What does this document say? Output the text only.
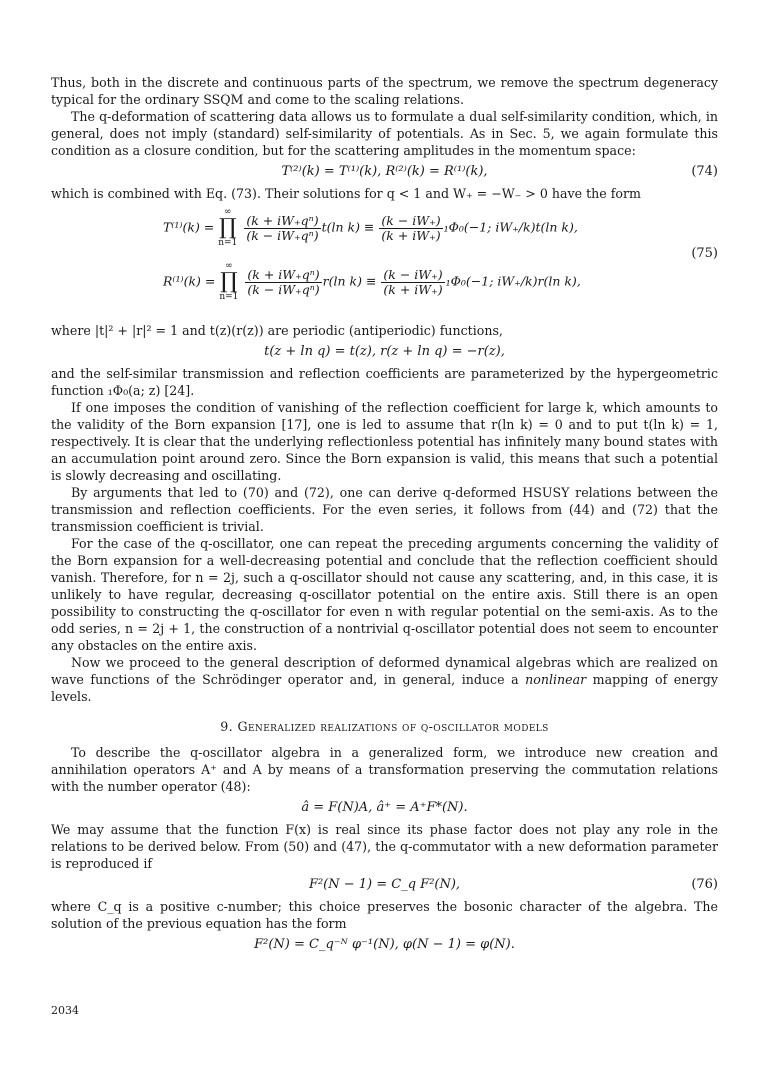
Thus, both in the discrete and continuous parts of the spectrum, we remove the spectrum degeneracy typical for the ordinary SSQM and come to the scaling relations.

The q-deformation of scattering data allows us to formulate a dual self-similarity condition, which, in general, does not imply (standard) self-similarity of potentials. As in Sec. 5, we again formulate this condition as a closure condition, but for the scattering amplitudes in the momentum space:

T⁽²⁾(k) = T⁽¹⁾(k), R⁽²⁾(k) = R⁽¹⁾(k),	(74)

which is combined with Eq. (73). Their solutions for q < 1 and W₊ = −W₋ > 0 have the form

T⁽¹⁾(k) = ∞
∏
n=1
$\frac{\text{(k + iW₊qⁿ)}}{\text{(k − iW₊qⁿ)}} t(\ln$ $k) \equiv \frac{(k - iW_+)}{(k + iW_+)} _1\Phi_0(-1$; iW₊/k)t(ln k),
R⁽¹⁾(k) = ∞
∏
n=1
$\frac{\text{(k + iW₊qⁿ)}}{\text{(k − iW₊qⁿ)}} r(\ln$ $k) \equiv \frac{(k - iW_+)}{(k + iW_+)} _1\Phi_0(-1$; iW₊/k)r(ln k),
(75)

where |t|² + |r|² = 1 and t(z)(r(z)) are periodic (antiperiodic) functions,

t(z + ln q) = t(z), r(z + ln q) = −r(z),

and the self-similar transmission and reflection coefficients are parameterized by the hypergeometric function ₁Φ₀(a; z) [24].

If one imposes the condition of vanishing of the reflection coefficient for large k, which amounts to the validity of the Born expansion [17], one is led to assume that r(ln k) = 0 and to put t(ln k) = 1, respectively. It is clear that the underlying reflectionless potential has infinitely many bound states with an accumulation point around zero. Since the Born expansion is valid, this means that such a potential is slowly decreasing and oscillating.

By arguments that led to (70) and (72), one can derive q-deformed HSUSY relations between the transmission and reflection coefficients. For the even series, it follows from (44) and (72) that the transmission coefficient is trivial.

For the case of the q-oscillator, one can repeat the preceding arguments concerning the validity of the Born expansion for a well-decreasing potential and conclude that the reflection coefficient should vanish. Therefore, for n = 2j, such a q-oscillator should not cause any scattering, and, in this case, it is unlikely to have regular, decreasing q-oscillator potential on the entire axis. Still there is an open possibility to constructing the q-oscillator for even n with regular potential on the semi-axis. As to the odd series, n = 2j + 1, the construction of a nontrivial q-oscillator potential does not seem to encounter any obstacles on the entire axis.

Now we proceed to the general description of deformed dynamical algebras which are realized on wave functions of the Schrödinger operator and, in general, induce a nonlinear mapping of energy levels.

9. Generalized realizations of q-oscillator models

To describe the q-oscillator algebra in a generalized form, we introduce new creation and annihilation operators A⁺ and A by means of a transformation preserving the commutation relations with the number operator (48):

â = F(N)A, â⁺ = A⁺F*(N).

We may assume that the function F(x) is real since its phase factor does not play any role in the relations to be derived below. From (50) and (47), the q-commutator with a new deformation parameter is reproduced if

F²(N − 1) = C_q F²(N),	(76)

where C_q is a positive c-number; this choice preserves the bosonic character of the algebra. The solution of the previous equation has the form

F²(N) = C_q⁻ᴺ φ⁻¹(N), φ(N − 1) = φ(N).
2034
